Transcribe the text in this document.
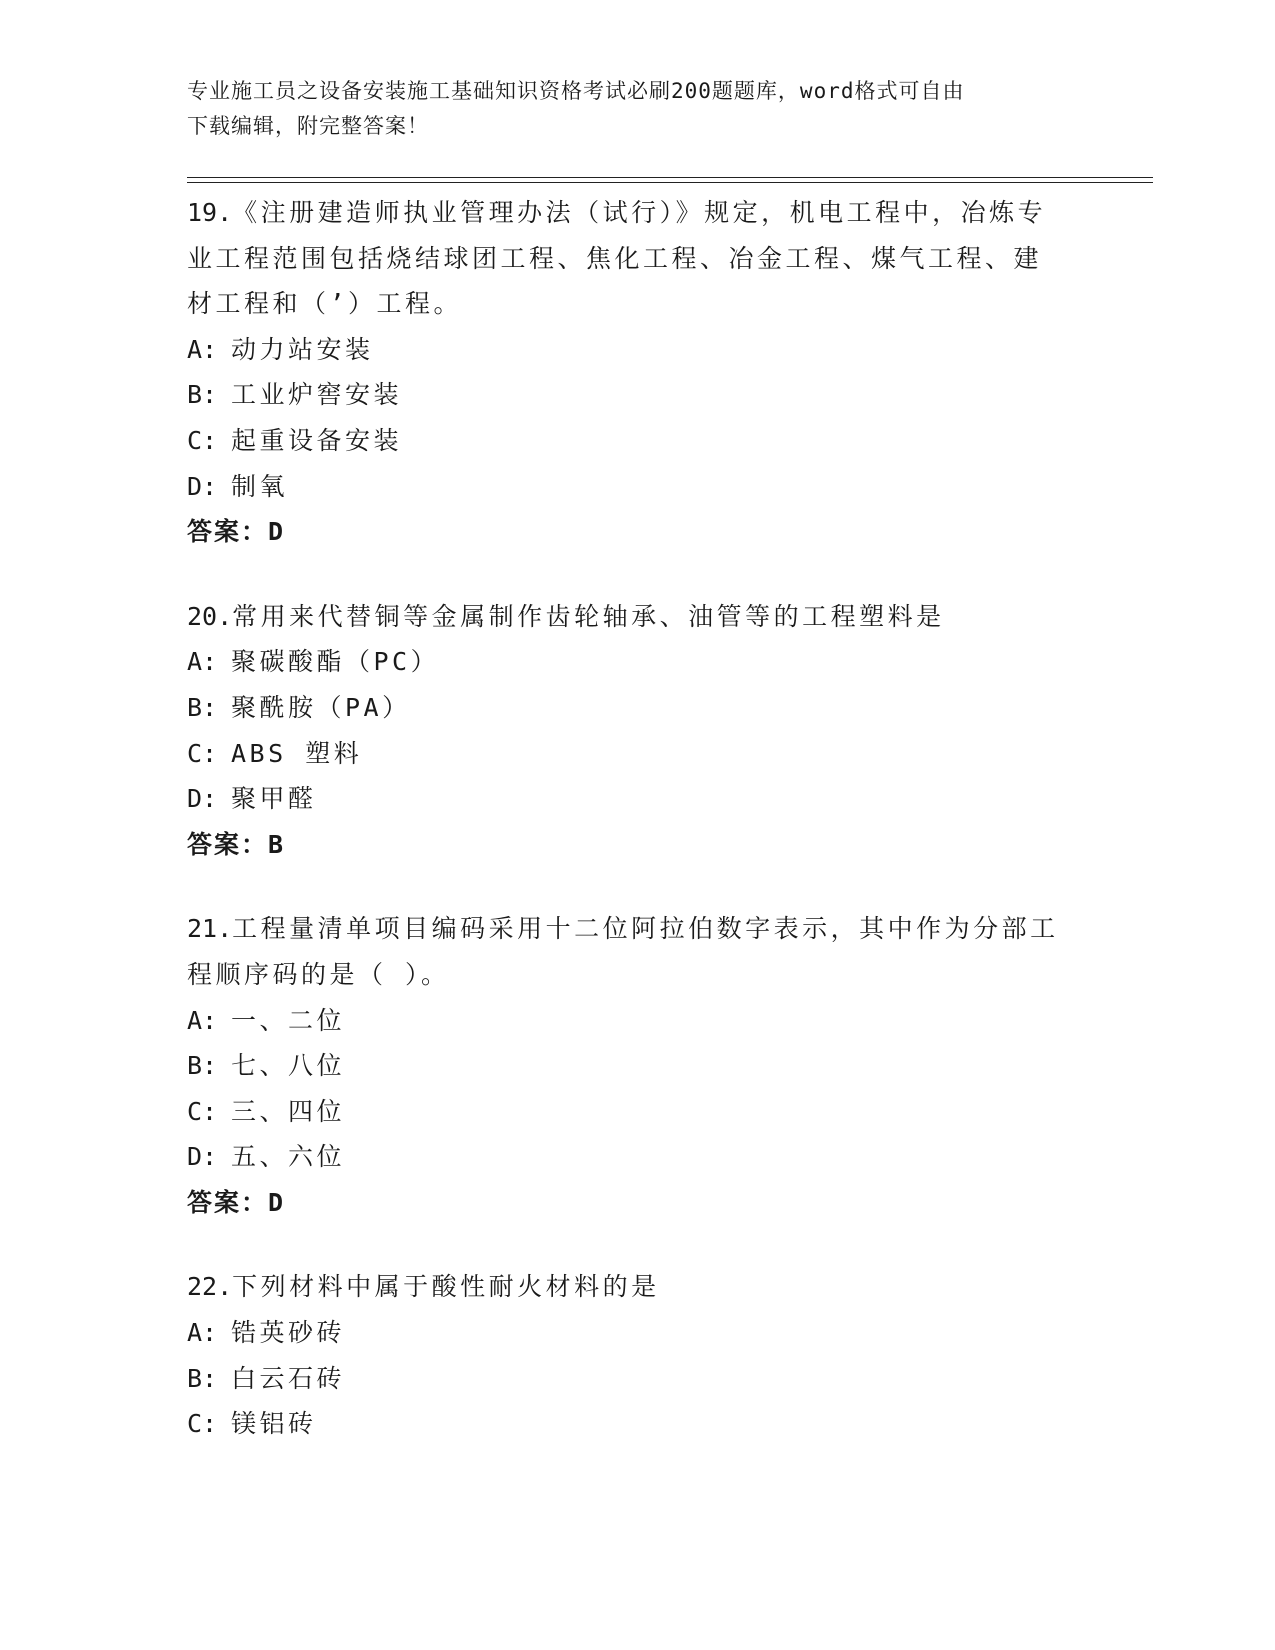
专业施工员之设备安装施工基础知识资格考试必刷200题题库，word格式可自由
下载编辑，附完整答案！

19.《注册建造师执业管理办法（试行）》规定，机电工程中，冶炼专

业工程范围包括烧结球团工程、焦化工程、冶金工程、煤气工程、建

材工程和（’）工程。

A: 动力站安装

B: 工业炉窖安装

C: 起重设备安装

D: 制氧

答案：D

20.常用来代替铜等金属制作齿轮轴承、油管等的工程塑料是

A: 聚碳酸酯（PC）

B: 聚酰胺（PA）

C: ABS 塑料

D: 聚甲醛

答案：B

21.工程量清单项目编码采用十二位阿拉伯数字表示，其中作为分部工

程顺序码的是（ ）。

A: 一、二位

B: 七、八位

C: 三、四位

D: 五、六位

答案：D

22.下列材料中属于酸性耐火材料的是

A: 锆英砂砖

B: 白云石砖

C: 镁铝砖
